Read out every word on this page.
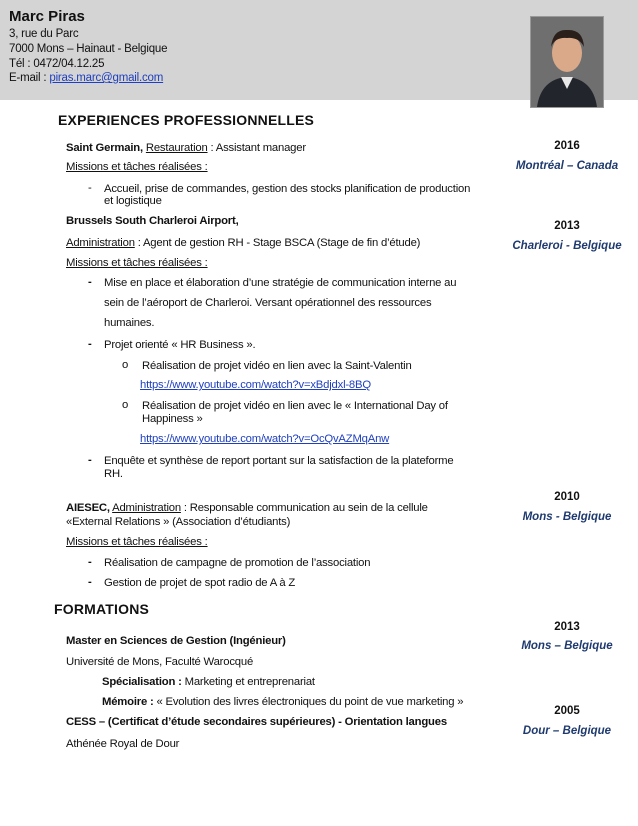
Marc Piras
3, rue du Parc
7000 Mons – Hainaut - Belgique
Tél : 0472/04.12.25
E-mail : piras.marc@gmail.com
EXPERIENCES PROFESSIONNELLES
Saint Germain, Restauration : Assistant manager
Missions et tâches réalisées :
- Accueil, prise de commandes, gestion des stocks planification de production
et logistique
2016
Montréal – Canada
Brussels South Charleroi Airport,
Administration : Agent de gestion RH - Stage BSCA (Stage de fin d’étude)
Missions et tâches réalisées :
2013
Charleroi - Belgique
- Mise en place et élaboration d’une stratégie de communication interne au
sein de l’aéroport de Charleroi. Versant opérationnel des ressources
humaines.
- Projet orienté « HR Business ».
o Réalisation de projet vidéo en lien avec la Saint-Valentin
https://www.youtube.com/watch?v=xBdjdxl-8BQ
o Réalisation de projet vidéo en lien avec le « International Day of
Happiness »
https://www.youtube.com/watch?v=OcQvAZMqAnw
- Enquête et synthèse de report portant sur la satisfaction de la plateforme
RH.
AIESEC, Administration : Responsable communication au sein de la cellule
«External Relations » (Association d’étudiants)
Missions et tâches réalisées :
- Réalisation de campagne de promotion de l’association
- Gestion de projet de spot radio de A à Z
2010
Mons - Belgique
FORMATIONS
Master en Sciences de Gestion (Ingénieur)
Université de Mons, Faculté Warocqué
Spécialisation : Marketing et entreprenariat
Mémoire : « Evolution des livres électroniques du point de vue marketing »
2013
Mons – Belgique
CESS – (Certificat d’étude secondaires supérieures) - Orientation langues
Athénée Royal de Dour
2005
Dour – Belgique
